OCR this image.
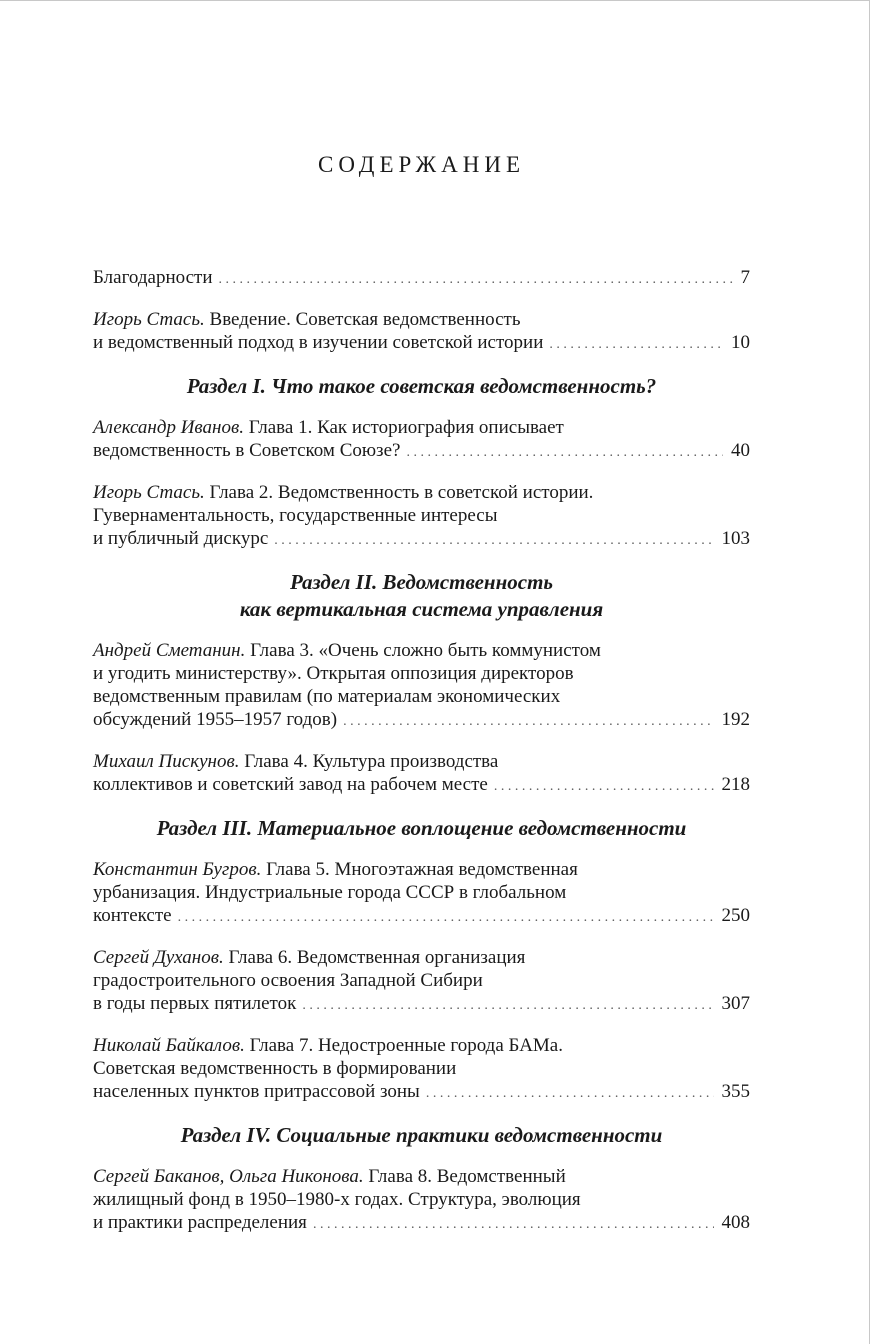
СОДЕРЖАНИЕ
Благодарности . . .	7
Игорь Стась. Введение. Советская ведомственность
и ведомственный подход в изучении советской истории . . .	10
Раздел I. Что такое советская ведомственность?
Александр Иванов. Глава 1. Как историография описывает
ведомственность в Советском Союзе? . . .	40
Игорь Стась. Глава 2. Ведомственность в советской истории.
Гувернаментальность, государственные интересы
и публичный дискурс . . .	103
Раздел II. Ведомственность
как вертикальная система управления
Андрей Сметанин. Глава 3. «Очень сложно быть коммунистом
и угодить министерству». Открытая оппозиция директоров
ведомственным правилам (по материалам экономических
обсуждений 1955–1957 годов) . . .	192
Михаил Пискунов. Глава 4. Культура производства
коллективов и советский завод на рабочем месте . . .	218
Раздел III. Материальное воплощение ведомственности
Константин Бугров. Глава 5. Многоэтажная ведомственная
урбанизация. Индустриальные города СССР в глобальном
контексте . . .	250
Сергей Духанов. Глава 6. Ведомственная организация
градостроительного освоения Западной Сибири
в годы первых пятилеток . . .	307
Николай Байкалов. Глава 7. Недостроенные города БАМа.
Советская ведомственность в формировании
населенных пунктов притрассовой зоны . . .	355
Раздел IV. Социальные практики ведомственности
Сергей Баканов, Ольга Никонова. Глава 8. Ведомственный
жилищный фонд в 1950–1980-х годах. Структура, эволюция
и практики распределения . . .	408
